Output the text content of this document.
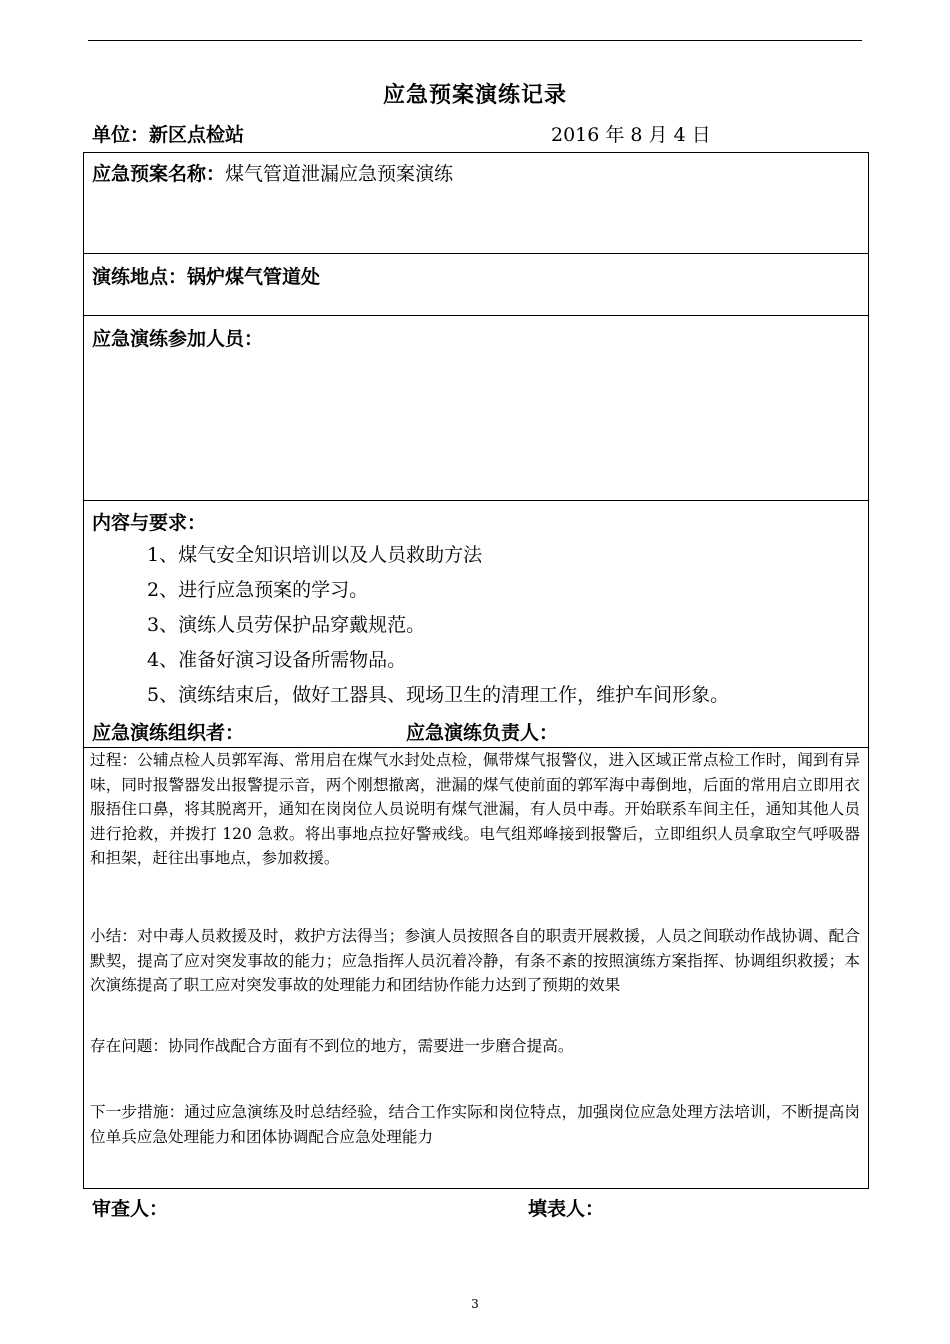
应急预案演练记录
单位：新区点检站	2016 年 8 月 4 日
应急预案名称：煤气管道泄漏应急预案演练
演练地点：锅炉煤气管道处
应急演练参加人员：
内容与要求：
1、煤气安全知识培训以及人员救助方法
2、进行应急预案的学习。
3、演练人员劳保护品穿戴规范。
4、准备好演习设备所需物品。
5、演练结束后，做好工器具、现场卫生的清理工作，维护车间形象。
应急演练组织者：	应急演练负责人：
过程：公辅点检人员郭军海、常用启在煤气水封处点检，佩带煤气报警仪，进入区域正常点检工作时，闻到有异味，同时报警器发出报警提示音，两个刚想撤离，泄漏的煤气使前面的郭军海中毒倒地，后面的常用启立即用衣服捂住口鼻，将其脱离开，通知在岗岗位人员说明有煤气泄漏，有人员中毒。开始联系车间主任，通知其他人员进行抢救，并拨打 120 急救。将出事地点拉好警戒线。电气组郑峰接到报警后，立即组织人员拿取空气呼吸器和担架，赶往出事地点，参加救援。
小结：对中毒人员救援及时，救护方法得当；参演人员按照各自的职责开展救援，人员之间联动作战协调、配合默契，提高了应对突发事故的能力；应急指挥人员沉着冷静，有条不紊的按照演练方案指挥、协调组织救援；本次演练提高了职工应对突发事故的处理能力和团结协作能力达到了预期的效果
存在问题：协同作战配合方面有不到位的地方，需要进一步磨合提高。
下一步措施：通过应急演练及时总结经验，结合工作实际和岗位特点，加强岗位应急处理方法培训，不断提高岗位单兵应急处理能力和团体协调配合应急处理能力
审查人：	填表人：
3
